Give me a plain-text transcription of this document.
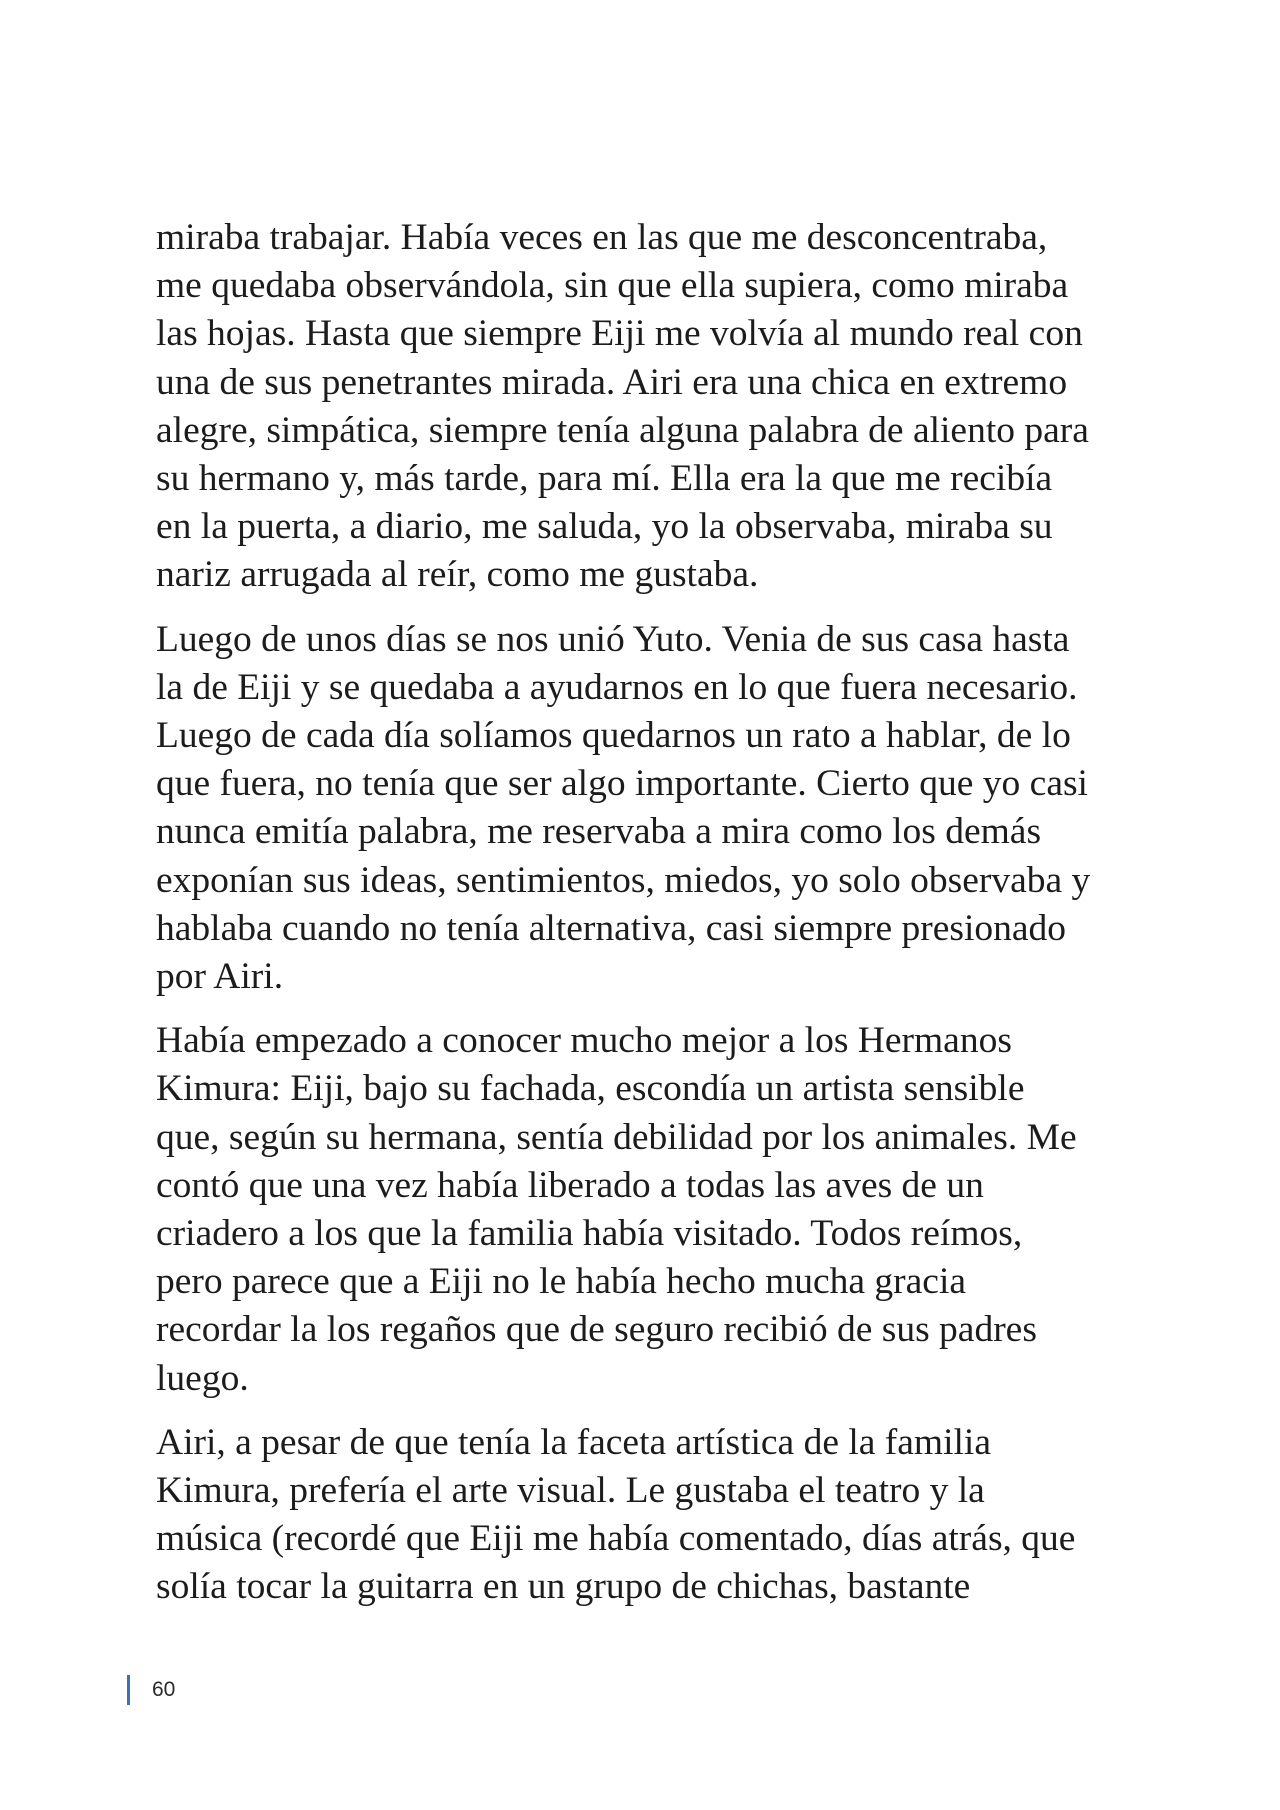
miraba trabajar. Había veces en las que me desconcentraba,
me quedaba observándola, sin que ella supiera, como miraba
las hojas. Hasta que siempre Eiji me volvía al mundo real con
una de sus penetrantes mirada. Airi era una chica en extremo
alegre, simpática, siempre tenía alguna palabra de aliento para
su hermano y, más tarde, para mí. Ella era la que me recibía
en la puerta, a diario, me saluda, yo la observaba, miraba su
nariz arrugada al reír, como me gustaba.

Luego de unos días se nos unió Yuto. Venia de sus casa hasta
la de Eiji y se quedaba a ayudarnos en lo que fuera necesario.
Luego de cada día solíamos quedarnos un rato a hablar, de lo
que fuera, no tenía que ser algo importante. Cierto que yo casi
nunca emitía palabra, me reservaba a mira como los demás
exponían sus ideas, sentimientos, miedos, yo solo observaba y
hablaba cuando no tenía alternativa, casi siempre presionado
por Airi.

Había empezado a conocer mucho mejor a los Hermanos
Kimura: Eiji, bajo su fachada, escondía un artista sensible
que, según su hermana, sentía debilidad por los animales. Me
contó que una vez había liberado a todas las aves de un
criadero a los que la familia había visitado. Todos reímos,
pero parece que a Eiji no le había hecho mucha gracia
recordar la los regaños que de seguro recibió de sus padres
luego.

Airi, a pesar de que tenía la faceta artística de la familia
Kimura, prefería el arte visual. Le gustaba el teatro y la
música (recordé que Eiji me había comentado, días atrás, que
solía tocar la guitarra en un grupo de chichas, bastante

60
